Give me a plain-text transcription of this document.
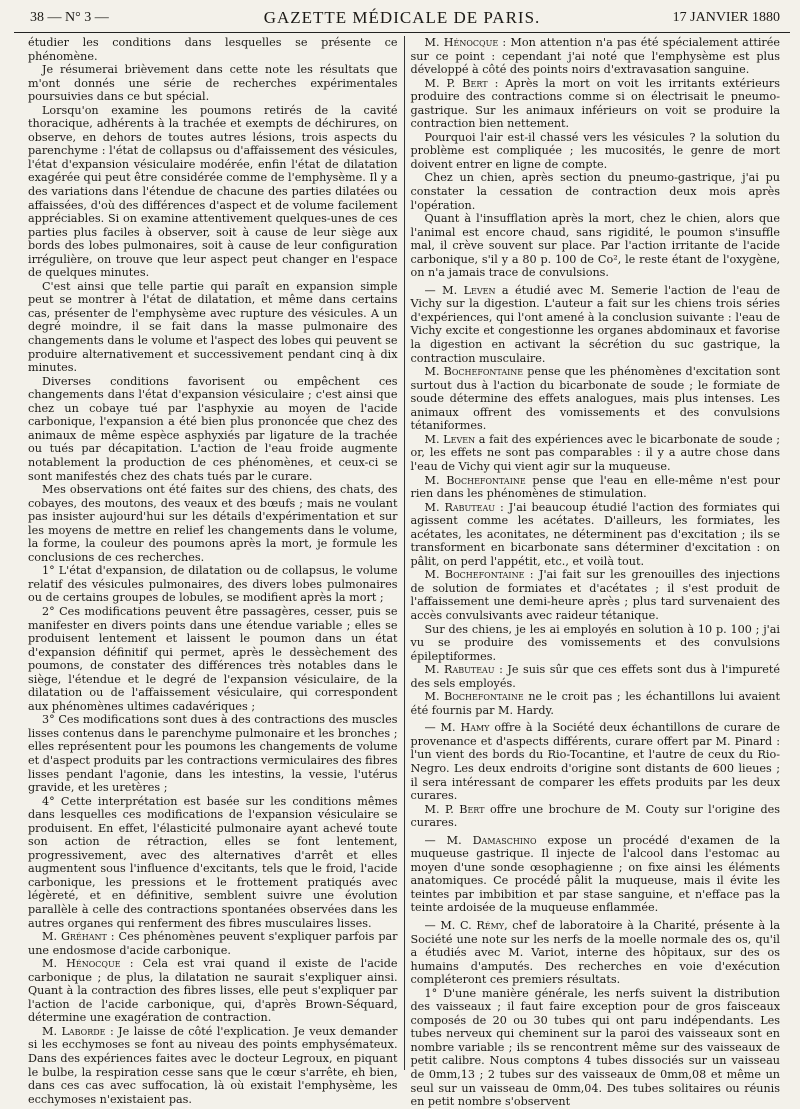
38 — N° 3 —	GAZETTE MÉDICALE DE PARIS.	17 JANVIER 1880

étudier les conditions dans lesquelles se présente ce phénomène.

Je résumerai brièvement dans cette note les résultats que m'ont donnés une série de recherches expérimentales poursuivies dans ce but spécial.

Lorsqu'on examine les poumons retirés de la cavité thoracique, adhérents à la trachée et exempts de déchirures, on observe, en dehors de toutes autres lésions, trois aspects du parenchyme : l'état de collapsus ou d'affaissement des vésicules, l'état d'expansion vésiculaire modérée, enfin l'état de dilatation exagérée qui peut être considérée comme de l'emphysème. Il y a des variations dans l'étendue de chacune des parties dilatées ou affaissées, d'où des différences d'aspect et de volume facilement appréciables. Si on examine attentivement quelques-unes de ces parties plus faciles à observer, soit à cause de leur siège aux bords des lobes pulmonaires, soit à cause de leur configuration irrégulière, on trouve que leur aspect peut changer en l'espace de quelques minutes.

C'est ainsi que telle partie qui paraît en expansion simple peut se montrer à l'état de dilatation, et même dans certains cas, présenter de l'emphysème avec rupture des vésicules. A un degré moindre, il se fait dans la masse pulmonaire des changements dans le volume et l'aspect des lobes qui peuvent se produire alternativement et successivement pendant cinq à dix minutes.

Diverses conditions favorisent ou empêchent ces changements dans l'état d'expansion vésiculaire ; c'est ainsi que chez un cobaye tué par l'asphyxie au moyen de l'acide carbonique, l'expansion a été bien plus prononcée que chez des animaux de même espèce asphyxiés par ligature de la trachée ou tués par décapitation. L'action de l'eau froide augmente notablement la production de ces phénomènes, et ceux-ci se sont manifestés chez des chats tués par le curare.

Mes observations ont été faites sur des chiens, des chats, des cobayes, des moutons, des veaux et des bœufs ; mais ne voulant pas insister aujourd'hui sur les détails d'expérimentation et sur les moyens de mettre en relief les changements dans le volume, la forme, la couleur des poumons après la mort, je formule les conclusions de ces recherches.

1° L'état d'expansion, de dilatation ou de collapsus, le volume relatif des vésicules pulmonaires, des divers lobes pulmonaires ou de certains groupes de lobules, se modifient après la mort ;

2° Ces modifications peuvent être passagères, cesser, puis se manifester en divers points dans une étendue variable ; elles se produisent lentement et laissent le poumon dans un état d'expansion définitif qui permet, après le dessèchement des poumons, de constater des différences très notables dans le siège, l'étendue et le degré de l'expansion vésiculaire, de la dilatation ou de l'affaissement vésiculaire, qui correspondent aux phénomènes ultimes cadavériques ;

3° Ces modifications sont dues à des contractions des muscles lisses contenus dans le parenchyme pulmonaire et les bronches ; elles représentent pour les poumons les changements de volume et d'aspect produits par les contractions vermiculaires des fibres lisses pendant l'agonie, dans les intestins, la vessie, l'utérus gravide, et les uretères ;

4° Cette interprétation est basée sur les conditions mêmes dans lesquelles ces modifications de l'expansion vésiculaire se produisent. En effet, l'élasticité pulmonaire ayant achevé toute son action de rétraction, elles se font lentement, progressivement, avec des alternatives d'arrêt et elles augmentent sous l'influence d'excitants, tels que le froid, l'acide carbonique, les pressions et le frottement pratiqués avec légèreté, et en définitive, semblent suivre une évolution parallèle à celle des contractions spontanées observées dans les autres organes qui renferment des fibres musculaires lisses.

M. Gréhant : Ces phénomènes peuvent s'expliquer parfois par une endosmose d'acide carbonique.

M. Hénocque : Cela est vrai quand il existe de l'acide carbonique ; de plus, la dilatation ne saurait s'expliquer ainsi. Quant à la contraction des fibres lisses, elle peut s'expliquer par l'action de l'acide carbonique, qui, d'après Brown-Séquard, détermine une exagération de contraction.

M. Laborde : Je laisse de côté l'explication. Je veux demander si les ecchymoses se font au niveau des points emphysémateux. Dans des expériences faites avec le docteur Legroux, en piquant le bulbe, la respiration cesse sans que le cœur s'arrête, eh bien, dans ces cas avec suffocation, là où existait l'emphysème, les ecchymoses n'existaient pas.

M. Hénocque : Mon attention n'a pas été spécialement attirée sur ce point : cependant j'ai noté que l'emphysème est plus développé à côté des points noirs d'extravasation sanguine.

M. P. Bert : Après la mort on voit les irritants extérieurs produire des contractions comme si on électrisait le pneumo-gastrique. Sur les animaux inférieurs on voit se produire la contraction bien nettement.

Pourquoi l'air est-il chassé vers les vésicules ? la solution du problème est compliquée ; les mucosités, le genre de mort doivent entrer en ligne de compte.

Chez un chien, après section du pneumo-gastrique, j'ai pu constater la cessation de contraction deux mois après l'opération.

Quant à l'insufflation après la mort, chez le chien, alors que l'animal est encore chaud, sans rigidité, le poumon s'insuffle mal, il crève souvent sur place. Par l'action irritante de l'acide carbonique, s'il y a 80 p. 100 de Co², le reste étant de l'oxygène, on n'a jamais trace de convulsions.

— M. Leven a étudié avec M. Semerie l'action de l'eau de Vichy sur la digestion. L'auteur a fait sur les chiens trois séries d'expériences, qui l'ont amené à la conclusion suivante : l'eau de Vichy excite et congestionne les organes abdominaux et favorise la digestion en activant la sécrétion du suc gastrique, la contraction musculaire.

M. Bochefontaine pense que les phénomènes d'excitation sont surtout dus à l'action du bicarbonate de soude ; le formiate de soude détermine des effets analogues, mais plus intenses. Les animaux offrent des vomissements et des convulsions tétaniformes.

M. Leven a fait des expériences avec le bicarbonate de soude ; or, les effets ne sont pas comparables : il y a autre chose dans l'eau de Vichy qui vient agir sur la muqueuse.

M. Bochefontaine pense que l'eau en elle-même n'est pour rien dans les phénomènes de stimulation.

M. Rabuteau : J'ai beaucoup étudié l'action des formiates qui agissent comme les acétates. D'ailleurs, les formiates, les acétates, les aconitates, ne déterminent pas d'excitation ; ils se transforment en bicarbonate sans déterminer d'excitation : on pâlit, on perd l'appétit, etc., et voilà tout.

M. Bochefontaine : J'ai fait sur les grenouilles des injections de solution de formiates et d'acétates ; il s'est produit de l'affaissement une demi-heure après ; plus tard survenaient des accès convulsivants avec raideur tétanique.

Sur des chiens, je les ai employés en solution à 10 p. 100 ; j'ai vu se produire des vomissements et des convulsions épileptiformes.

M. Rabuteau : Je suis sûr que ces effets sont dus à l'impureté des sels employés.

M. Bochefontaine ne le croit pas ; les échantillons lui avaient été fournis par M. Hardy.

— M. Hamy offre à la Société deux échantillons de curare de provenance et d'aspects différents, curare offert par M. Pinard : l'un vient des bords du Rio-Tocantine, et l'autre de ceux du Rio-Negro. Les deux endroits d'origine sont distants de 600 lieues ; il sera intéressant de comparer les effets produits par les deux curares.

M. P. Bert offre une brochure de M. Couty sur l'origine des curares.

— M. Damaschino expose un procédé d'examen de la muqueuse gastrique. Il injecte de l'alcool dans l'estomac au moyen d'une sonde œsophagienne ; on fixe ainsi les éléments anatomiques. Ce procédé pâlit la muqueuse, mais il évite les teintes par imbibition et par stase sanguine, et n'efface pas la teinte ardoisée de la muqueuse enflammée.

— M. C. Rémy, chef de laboratoire à la Charité, présente à la Société une note sur les nerfs de la moelle normale des os, qu'il a étudiés avec M. Variot, interne des hôpitaux, sur des os humains d'amputés. Des recherches en voie d'exécution compléteront ces premiers résultats.

1° D'une manière générale, les nerfs suivent la distribution des vaisseaux ; il faut faire exception pour de gros faisceaux composés de 20 ou 30 tubes qui ont paru indépendants. Les tubes nerveux qui cheminent sur la paroi des vaisseaux sont en nombre variable ; ils se rencontrent même sur des vaisseaux de petit calibre. Nous comptons 4 tubes dissociés sur un vaisseau de 0mm,13 ; 2 tubes sur des vaisseaux de 0mm,08 et même un seul sur un vaisseau de 0mm,04. Des tubes solitaires ou réunis en petit nombre s'observent
